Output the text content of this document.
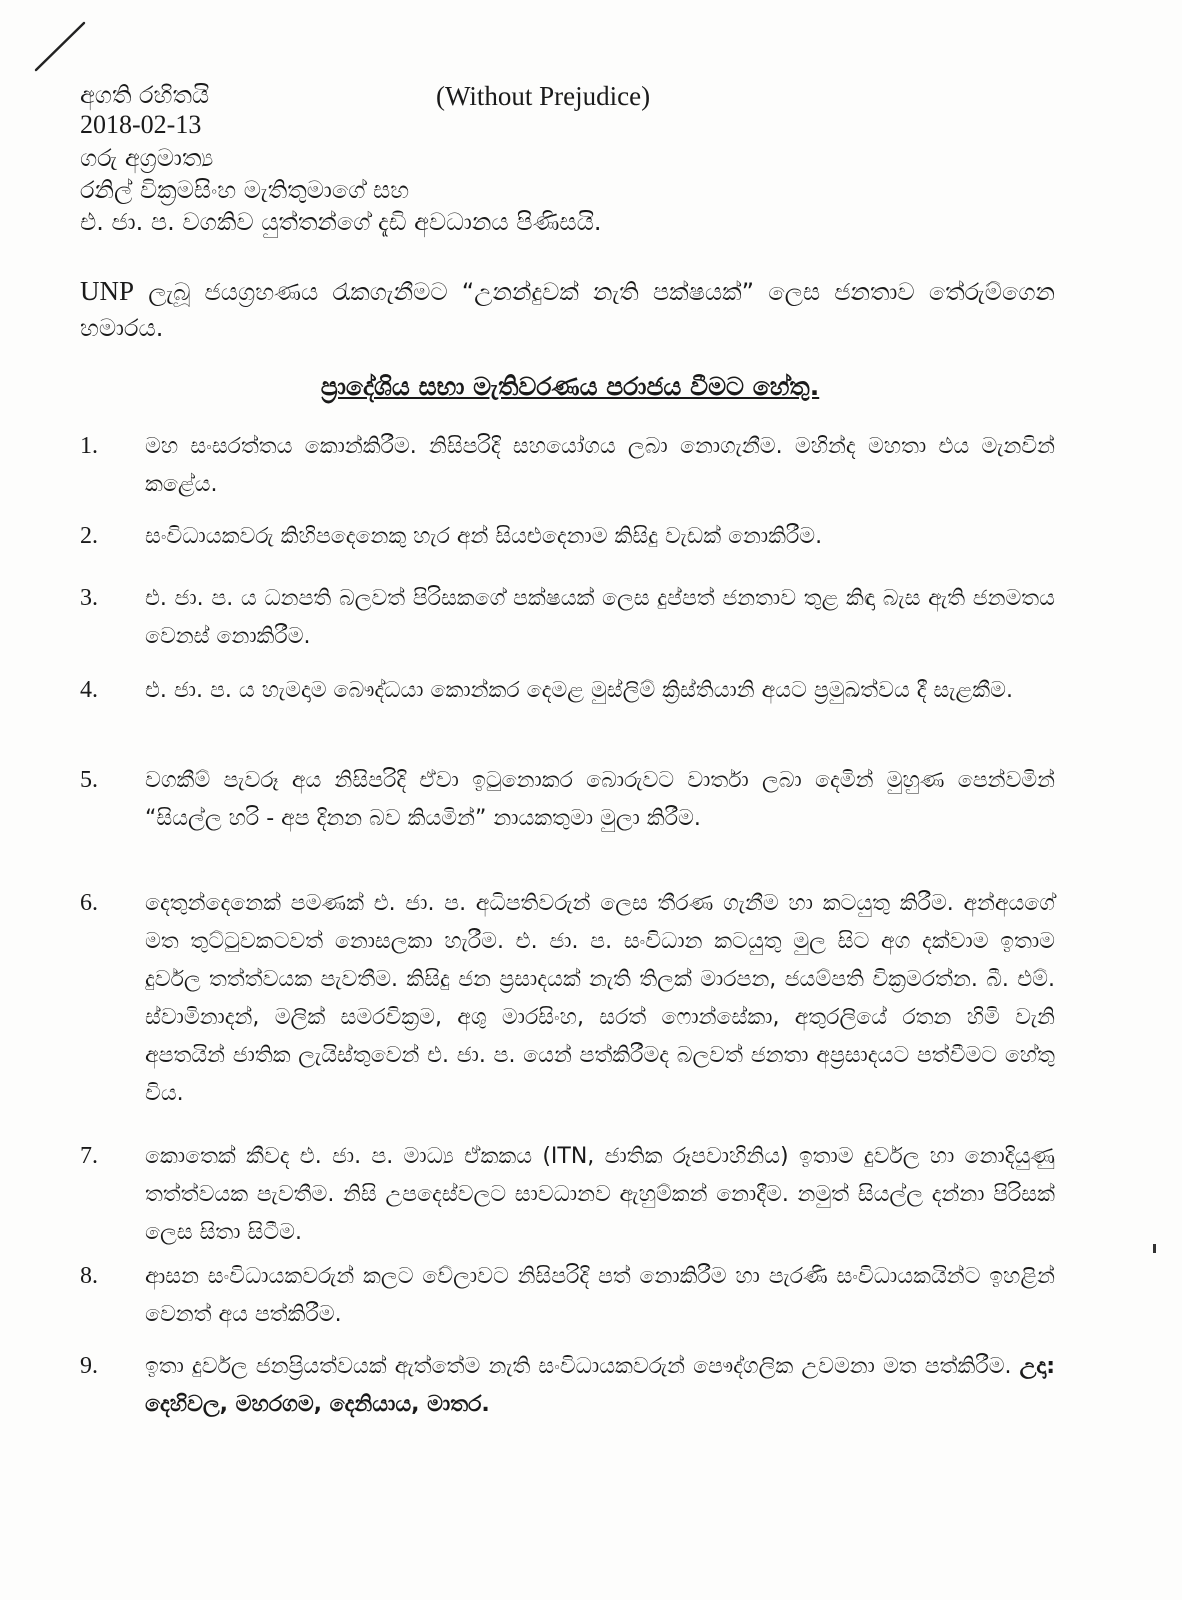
අගති රහිතයි	(Without Prejudice)
2018-02-13
ගරු අග්‍රමාත්‍ය
රනිල් වික්‍රමසිංහ මැතිතුමාගේ සහ
එ. ජා. ප. වගකිව යුත්තන්ගේ දැඩි අවධානය පිණිසයි.
UNP ලැබූ ජයග්‍රහණය රැකගැනීමට “උනන්දුවක් නැති පක්ෂයක්” ලෙස ජනතාව තේරුම්ගෙන හමාරය.
ප්‍රාදේශිය සභා මැතිවරණය පරාජය වීමට හේතු.
1. මහ සංසරත්තය කොන්කිරීම. නිසිපරිදි සහයෝගය ලබා නොගැනීම. මහින්ද මහතා එය මැනවින් කළේය.
2. සංවිධායකවරු කිහිපදෙනෙකු හැර අන් සියළුදෙනාම කිසිදු වැඩක් නොකිරීම.
3. එ. ජා. ප. ය ධනපති බලවත් පිරිසකගේ පක්ෂයක් ලෙස දුප්පත් ජනතාව තුළ කිඳා බැස ඇති ජනමතය වෙනස් නොකිරීම.
4. එ. ජා. ප. ය හැමදාම බෞද්ධයා කොන්කර දෙමළ මුස්ලිම් ක්‍රිස්තියානි අයට ප්‍රමුඛත්වය දී සැළකීම.
5. වගකීම් පැවරූ අය නිසිපරිදි ඒවා ඉටුනොකර බොරුවට වාර්තා ලබා දෙමින් මුහුණ පෙන්වමින් “සියල්ල හරි - අප දිනන බව කියමින්” නායකතුමා මුලා කිරීම.
6. දෙතුන්දෙනෙක් පමණක් එ. ජා. ප. අධිපතිවරුන් ලෙස තීරණ ගැනීම හා කටයුතු කිරීම. අන්අයගේ මත තුට්ටුවකටවත් නොසලකා හැරීම. එ. ජා. ප. සංවිධාන කටයුතු මුල සිට අග දක්වාම ඉතාම දුර්වල තත්ත්වයක පැවතීම. කිසිදු ජන ප්‍රසාදයක් නැති තිලක් මාරපන, ජයම්පති වික්‍රමරත්න. බී. එම්. ස්වාමිනාදන්, මලික් සමරවික්‍රම, අශු මාරසිංහ, සරත් ෆොන්සේකා, අතුරලියේ රතන හිමි වැනි අපතයින් ජාතික ලැයිස්තුවෙන් එ. ජා. ප. යෙන් පත්කිරීමද බලවත් ජනතා අප්‍රසාදයට පත්වීමට හේතු විය.
7. කොතෙක් කීවද එ. ජා. ප. මාධ්‍ය ඒකකය (ITN, ජාතික රූපවාහිනිය) ඉතාම දුර්වල හා නොදියුණු තත්ත්වයක පැවතීම. නිසි උපදෙස්වලට සාවධානව ඇහුම්කන් නොදීම. නමුත් සියල්ල දන්නා පිරිසක් ලෙස සිතා සිටීම.
8. ආසන සංවිධායකවරුන් කලට වේලාවට නිසිපරිදි පත් නොකිරීම හා පැරණි සංවිධායකයින්ට ඉහළින් වෙනත් අය පත්කිරීම.
9. ඉතා දුර්වල ජනප්‍රියත්වයක් ඇත්තේම නැති සංවිධායකවරුන් පෞද්ගලික උවමනා මත පත්කිරීම. උදා: දෙහිවල, මහරගම, දෙනියාය, මාතර.
